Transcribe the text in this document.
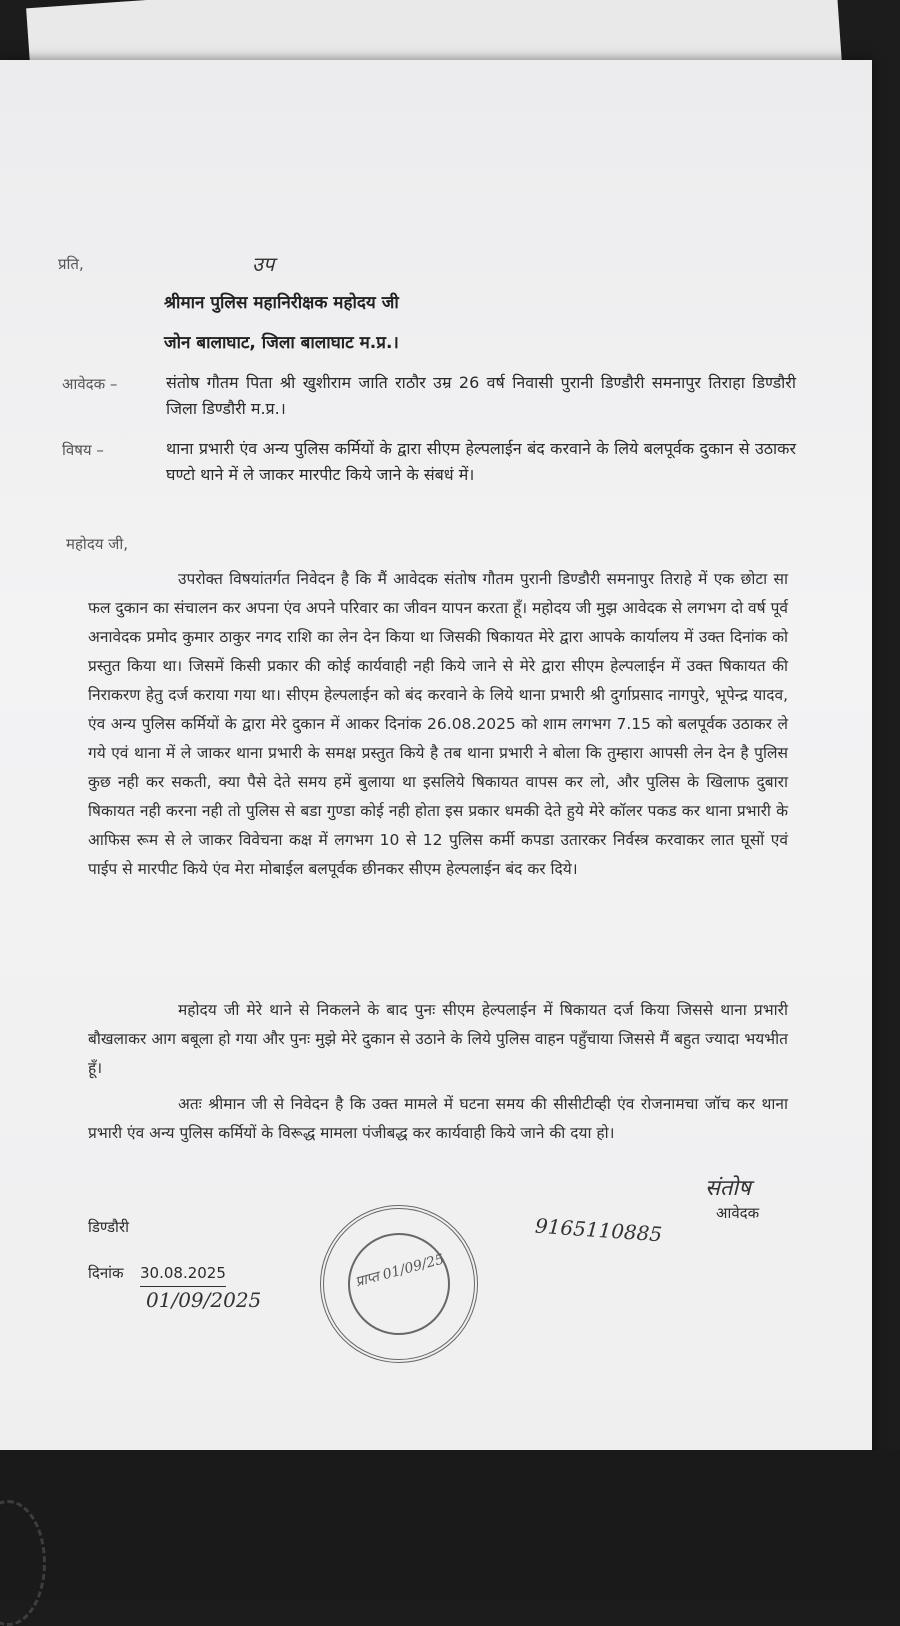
प्रति,	उप
श्रीमान पुलिस महानिरीक्षक महोदय जी
जोन बालाघाट, जिला बालाघाट म.प्र.।
आवेदक –	संतोष गौतम पिता श्री खुशीराम जाति राठौर उम्र 26 वर्ष निवासी पुरानी डिण्डौरी समनापुर तिराहा डिण्डौरी जिला डिण्डौरी म.प्र.।
विषय –	थाना प्रभारी एंव अन्य पुलिस कर्मियों के द्वारा सीएम हेल्पलाईन बंद करवाने के लिये बलपूर्वक दुकान से उठाकर घण्टो थाने में ले जाकर मारपीट किये जाने के संबधं में।
महोदय जी,
उपरोक्त विषयांतर्गत निवेदन है कि मैं आवेदक संतोष गौतम पुरानी डिण्डौरी समनापुर तिराहे में एक छोटा सा फल दुकान का संचालन कर अपना एंव अपने परिवार का जीवन यापन करता हूँ। महोदय जी मुझ आवेदक से लगभग दो वर्ष पूर्व अनावेदक प्रमोद कुमार ठाकुर नगद राशि का लेन देन किया था जिसकी षिकायत मेरे द्वारा आपके कार्यालय में उक्त दिनांक को प्रस्तुत किया था। जिसमें किसी प्रकार की कोई कार्यवाही नही किये जाने से मेरे द्वारा सीएम हेल्पलाईन में उक्त षिकायत की निराकरण हेतु दर्ज कराया गया था। सीएम हेल्पलाईन को बंद करवाने के लिये थाना प्रभारी श्री दुर्गाप्रसाद नागपुरे, भूपेन्द्र यादव, एंव अन्य पुलिस कर्मियों के द्वारा मेरे दुकान में आकर दिनांक 26.08.2025 को शाम लगभग 7.15 को बलपूर्वक उठाकर ले गये एवं थाना में ले जाकर थाना प्रभारी के समक्ष प्रस्तुत किये है तब थाना प्रभारी ने बोला कि तुम्हारा आपसी लेन देन है पुलिस कुछ नही कर सकती, क्या पैसे देते समय हमें बुलाया था इसलिये षिकायत वापस कर लो, और पुलिस के खिलाफ दुबारा षिकायत नही करना नही तो पुलिस से बडा गुण्डा कोई नही होता इस प्रकार धमकी देते हुये मेरे कॉलर पकड कर थाना प्रभारी के आफिस रूम से ले जाकर विवेचना कक्ष में लगभग 10 से 12 पुलिस कर्मी कपडा उतारकर निर्वस्त्र करवाकर लात घूसों एवं पाईप से मारपीट किये एंव मेरा मोबाईल बलपूर्वक छीनकर सीएम हेल्पलाईन बंद कर दिये।
महोदय जी मेरे थाने से निकलने के बाद पुनः सीएम हेल्पलाईन में षिकायत दर्ज किया जिससे थाना प्रभारी बौखलाकर आग बबूला हो गया और पुनः मुझे मेरे दुकान से उठाने के लिये पुलिस वाहन पहुँचाया जिससे मैं बहुत ज्यादा भयभीत हूँ।
अतः श्रीमान जी से निवेदन है कि उक्त मामले में घटना समय की सीसीटीव्ही एंव रोजनामचा जॉच कर थाना प्रभारी एंव अन्य पुलिस कर्मियों के विरूद्ध मामला पंजीबद्ध कर कार्यवाही किये जाने की दया हो।
संतोष
आवेदक
डिण्डौरी	9165110885
दिनांक 30.08.2025
01/09/2025
प्राप्त 01/09/25
